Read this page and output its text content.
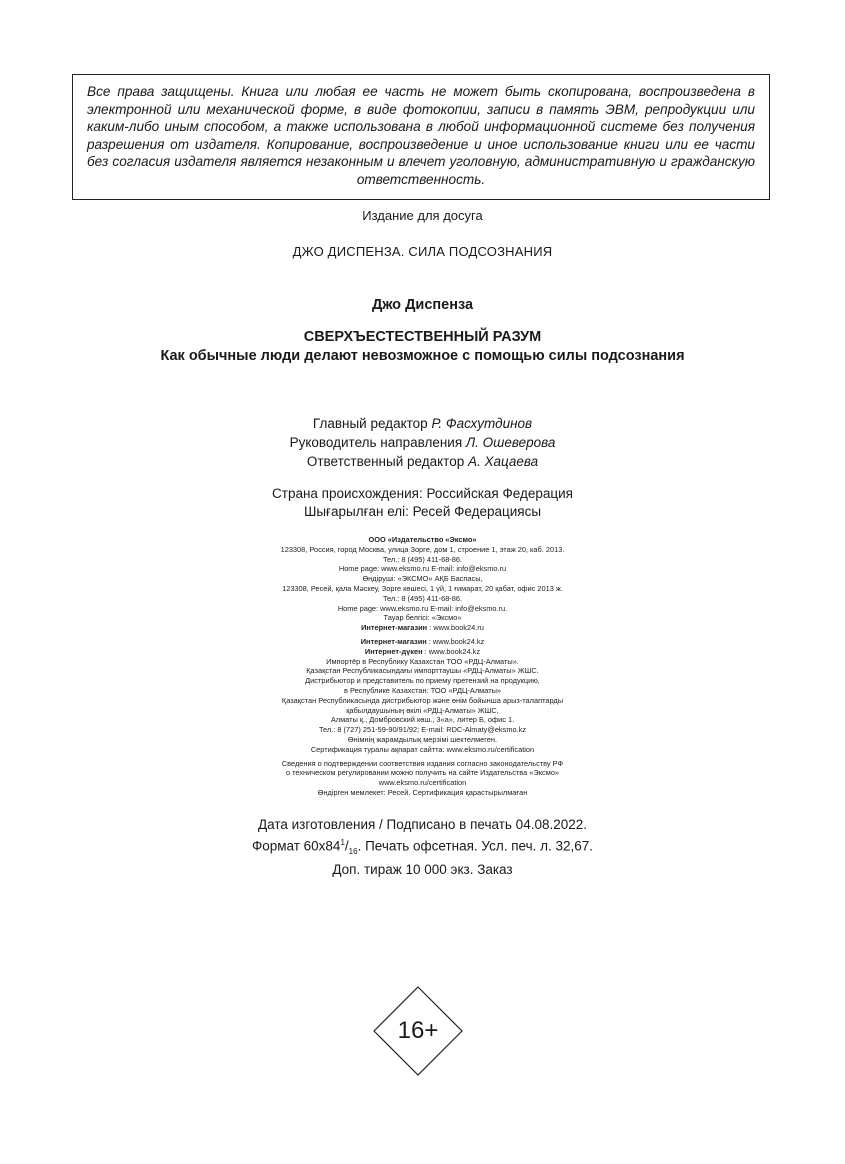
Все права защищены. Книга или любая ее часть не может быть скопирована, воспроизведена в электронной или механической форме, в виде фотокопии, записи в память ЭВМ, репродукции или каким-либо иным способом, а также использована в любой информационной системе без получения разрешения от издателя. Копирование, воспроизведение и иное использование книги или ее части без согласия издателя является незаконным и влечет уголовную, административную и гражданскую ответственность.
Издание для досуга
ДЖО ДИСПЕНЗА. СИЛА ПОДСОЗНАНИЯ
Джо Диспенза
СВЕРХЪЕСТЕСТВЕННЫЙ РАЗУМ
Как обычные люди делают невозможное с помощью силы подсознания
Главный редактор Р. Фасхутдинов
Руководитель направления Л. Ошеверова
Ответственный редактор А. Хацаева
Страна происхождения: Российская Федерация
Шығарылған елі: Ресей Федерациясы
ООО «Издательство «Эксмо»
123308, Россия, город Москва, улица Зорге, дом 1, строение 1, этаж 20, каб. 2013.
Тел.: 8 (495) 411-68-86.
Home page: www.eksmo.ru E-mail: info@eksmo.ru
Өндіруші: «ЭКСМО» АҚБ Баспасы,
123308, Ресей, қала Мәскеу, Зорге көшесі, 1 үй, 1 ғимарат, 20 қабат, офис 2013 ж.
Тел.: 8 (495) 411-68-86.
Home page: www.eksmo.ru E-mail: info@eksmo.ru.
Тауар белгісі: «Эксмо»
Интернет-магазин : www.book24.ru
Интернет-магазин : www.book24.kz
Интернет-дүкен : www.book24.kz
Импортёр в Республику Казахстан ТОО «РДЦ-Алматы».
Қазақстан Республикасындағы импорттаушы «РДЦ-Алматы» ЖШС.
Дистрибьютор и представитель по приему претензий на продукцию,
в Республике Казахстан: ТОО «РДЦ-Алматы»
Қазақстан Республикасында дистрибьютор және өнім бойынша арыз-талаптарды
қабылдаушының өкілі «РДЦ-Алматы» ЖШС,
Алматы қ., Домбровский көш., 3«а», литер Б, офис 1.
Тел.: 8 (727) 251-59-90/91/92; E-mail: RDC-Almaty@eksmo.kz
Өнімнің жарамдылық мерзімі шектелмеген.
Сертификация туралы ақпарат сайтта: www.eksmo.ru/certification
Сведения о подтверждении соответствия издания согласно законодательству РФ
о техническом регулировании можно получить на сайте Издательства «Эксмо»
www.eksmo.ru/certification
Өндірген мемлекет: Ресей. Сертификация қарастырылмаған
Дата изготовления / Подписано в печать 04.08.2022.
Формат $60x84^1/_{16}$. Печать офсетная. Усл. печ. л. 32,67.
Доп. тираж 10 000 экз. Заказ
16+
